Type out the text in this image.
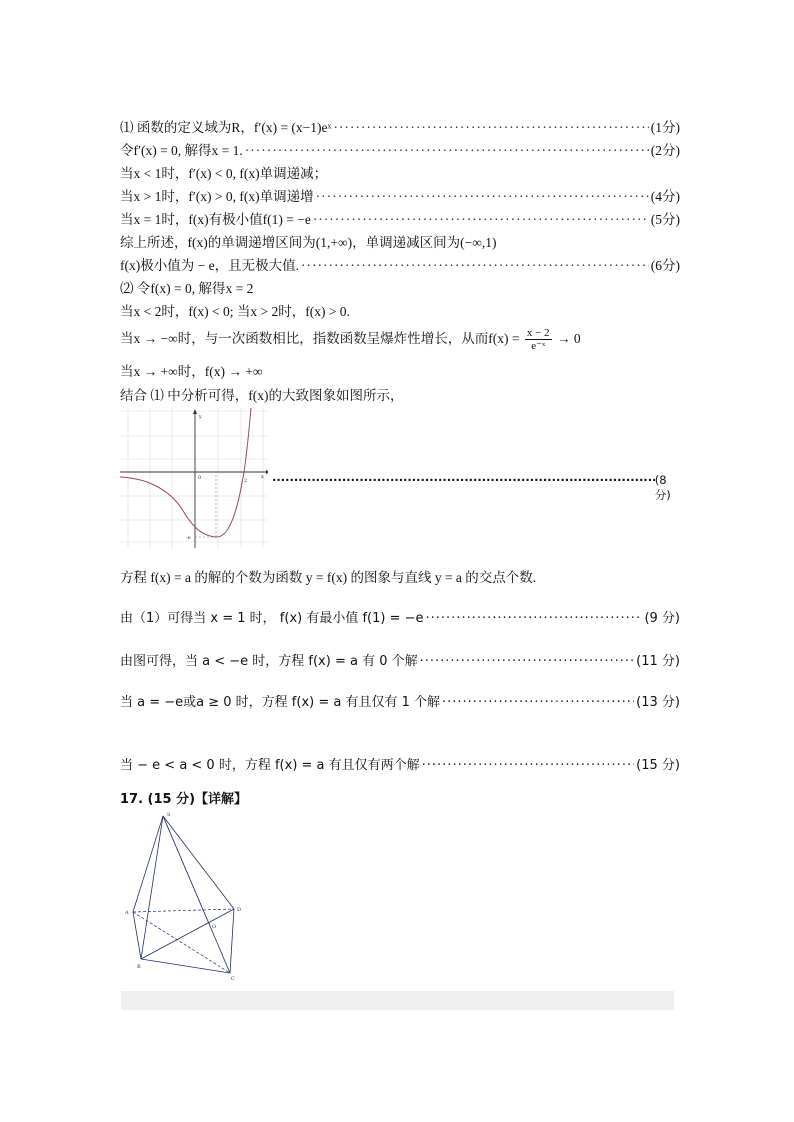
⑴ 函数的定义域为R，f′(x) = (x−1)eˣ ·····	(1分)
令f′(x) = 0, 解得x = 1. ·····	(2分)
当x < 1时，f′(x) < 0, f(x)单调递减；
当x > 1时，f′(x) > 0, f(x)单调递增 ·····	(4分)
当x = 1时，f(x)有极小值f(1) = −e ·····	(5分)
综上所述，f(x)的单调递增区间为(1,+∞)，单调递减区间为(−∞,1)
f(x)极小值为 − e，且无极大值. ·····	(6分)
⑵ 令f(x) = 0, 解得x = 2
当x < 2时，f(x) < 0; 当x > 2时，f(x) > 0.
当x → −∞时，与一次函数相比，指数函数呈爆炸性增长，从而$f(x) = \frac{x - 2}{\text{e⁻ˣ}} \to 0$
当x → +∞时，f(x) → +∞
结合 ⑴ 中分析可得，f(x)的大致图象如图所示，
y
x
0	2
-e
·····
(8 分)
方程 f(x) = a 的解的个数为函数 y = f(x) 的图象与直线 y = a 的交点个数.
由（1）可得当 x = 1 时， f(x) 有最小值 f(1) = −e ·····	(9 分)
由图可得，当 a < −e 时，方程 f(x) = a 有 0 个解 ·····	(11 分)
当 a = −e或a ≥ 0 时，方程 f(x) = a 有且仅有 1 个解 ·····	(13 分)
当 − e < a < 0 时，方程 f(x) = a 有且仅有两个解 ·····	(15 分)
17. (15 分)【详解】
S
A
B
C
D
O
